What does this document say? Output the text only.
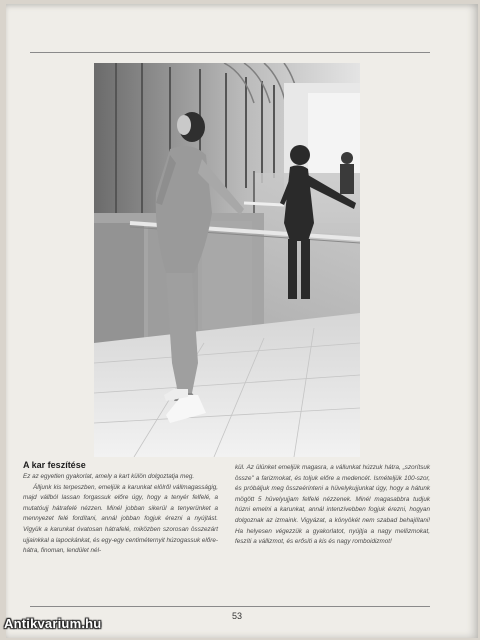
A kar feszítése

Ez az egyetlen gyakorlat, amely a kart külön dolgoztatja meg.

Álljunk kis terpeszben, emeljük a karunkat elölről vállmagasságig, majd vállból lassan forgassuk előre úgy, hogy a tenyér felfelé, a mutatóujj hátrafelé nézzen. Minél jobban sikerül a tenyerünket a mennyezet felé fordítani, annál jobban fogjuk érezni a nyújtást. Vigyük a karunkat óvatosan hátrafelé, miközben szorosan összezárt ujjainkkal a lapockánkat, és egy-egy centiméternyit húzogassuk előre-hátra, finoman, lendület nél-

kül. Az ülünket emeljük magasra, a vállunkat húzzuk hátra, „szorítsuk össze" a farizmokat, és toljuk előre a medencét. Ismételjük 100-szor, és próbáljuk meg összeérinteni a hüvelykujjunkat úgy, hogy a hátunk mögött 5 hüvelyujjam felfelé nézzenek. Minél magasabbra tudjuk húzni emelni a karunkat, annál intenzívebben fogjuk érezni, hogyan dolgoznak az izmaink. Vigyázat, a könyökét nem szabad behajlítani! Ha helyesen végezzük a gyakorlatot, nyújtja a nagy mellizmokat, feszíti a vállizmot, és erősíti a kis és nagy romboidizmot!

53
Antikvarium.hu
